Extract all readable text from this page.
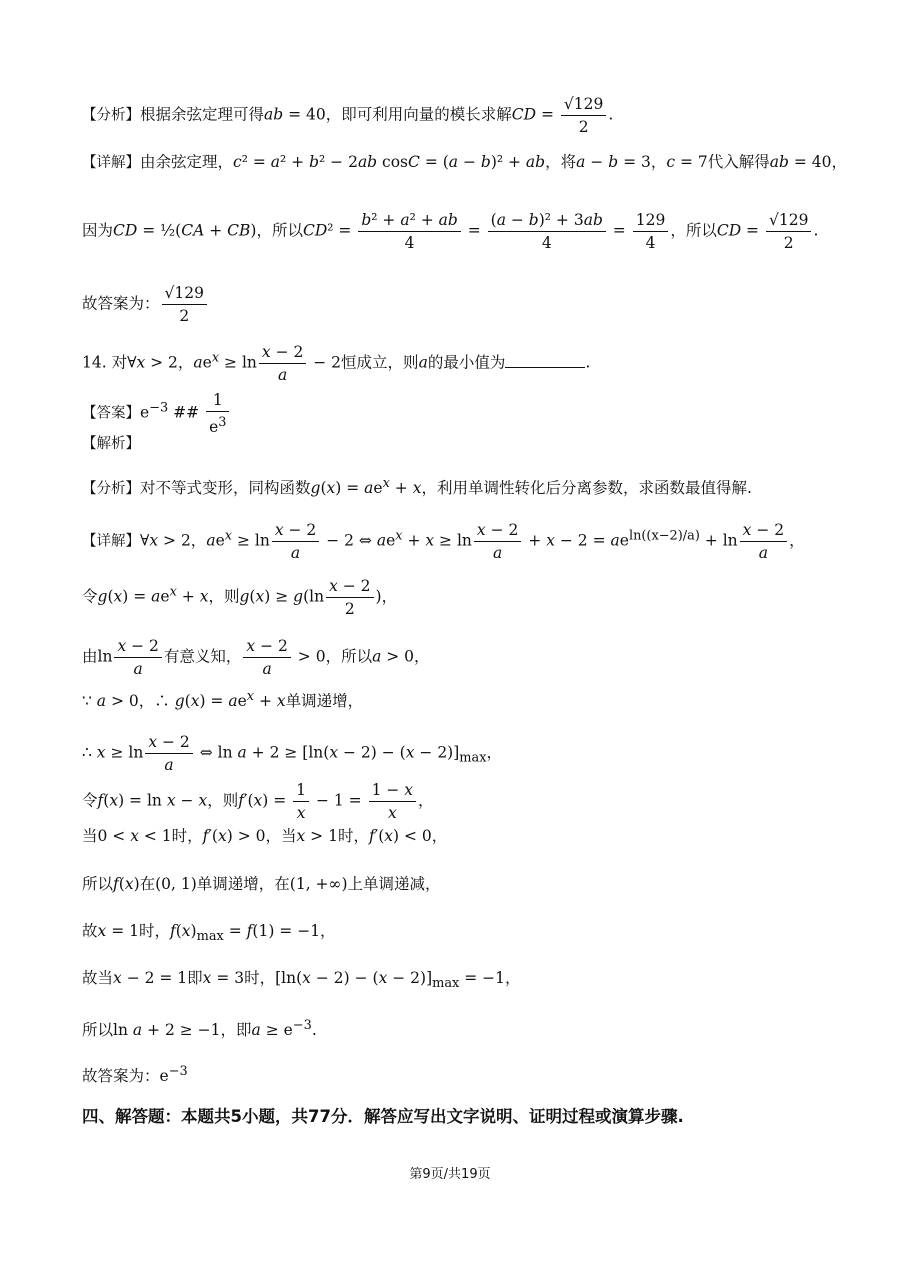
【分析】根据余弦定理可得ab = 40，即可利用向量的模长求解CD = $\frac{√129}{2}$ .
【详解】由余弦定理，c² = a² + b² − 2ab cosC = (a − b)² + ab，将a − b = 3，c = 7代入解得ab = 40，
因为CD = ½(CA + CB)，所以$CD^2 = \frac{\text{b² + a² + ab}}{4} = \frac{\text{(a − b)² + 3ab}}{4} = \frac{129}{4}$ ，所以CD = $\frac{√129}{2}$ .
故答案为： $\frac{√129}{2}$
14. 对∀x > 2，$ae^x \ge \ln \frac{x - 2}{a} - 2$恒成立，则a的最小值为	.
【答案】$e^{-3}$ ## $\frac{1}{e^3}$
【解析】
【分析】对不等式变形，同构函数$g(x) = ae^x + x$，利用单调性转化后分离参数，求函数最值得解.
【详解】∀x > 2，$ae^x \ge \ln \frac{x - 2}{a} - 2$ ⇔ $ae^x + x \ge \ln \frac{x - 2}{a} + x - 2 = ae^{ln((x-2)/a)} + \ln \frac{x - 2}{a}$ ，
令$g(x) = ae^x + x$，则$g(x) \ge g(\ln \frac{x - 2}{2}$ )，
由$\ln \frac{x - 2}{a}$ 有意义知， $\frac{x - 2}{a} > 0$，所以a > 0，
∵ a > 0，∴ $g(x) = ae^x + x$单调递增，
∴ $x \ge \ln \frac{x - 2}{a}$ ⇔ $\ln a + 2 \ge [\ln(x - 2) - (x - 2)]_{max}$，
令f(x) = ln x − x，则$f'(x) = \frac{1}{x} - 1 = \frac{1 - x}{x}$ ，
当0 < x < 1时，f′(x) > 0，当x > 1时，f′(x) < 0，
所以f(x)在(0, 1)单调递增，在(1, +∞)上单调递减，
故x = 1时，$f(x)_{max} = f(1) = -1$，
故当x − 2 = 1即x = 3时，$[\ln(x - 2) - (x - 2)]_{max} = -1$，
所以ln a + 2 ≥ −1，即$a \ge e^{-3}$.
故答案为：$e^{-3}$
四、解答题：本题共5小题，共77分．解答应写出文字说明、证明过程或演算步骤.
第9页/共19页
